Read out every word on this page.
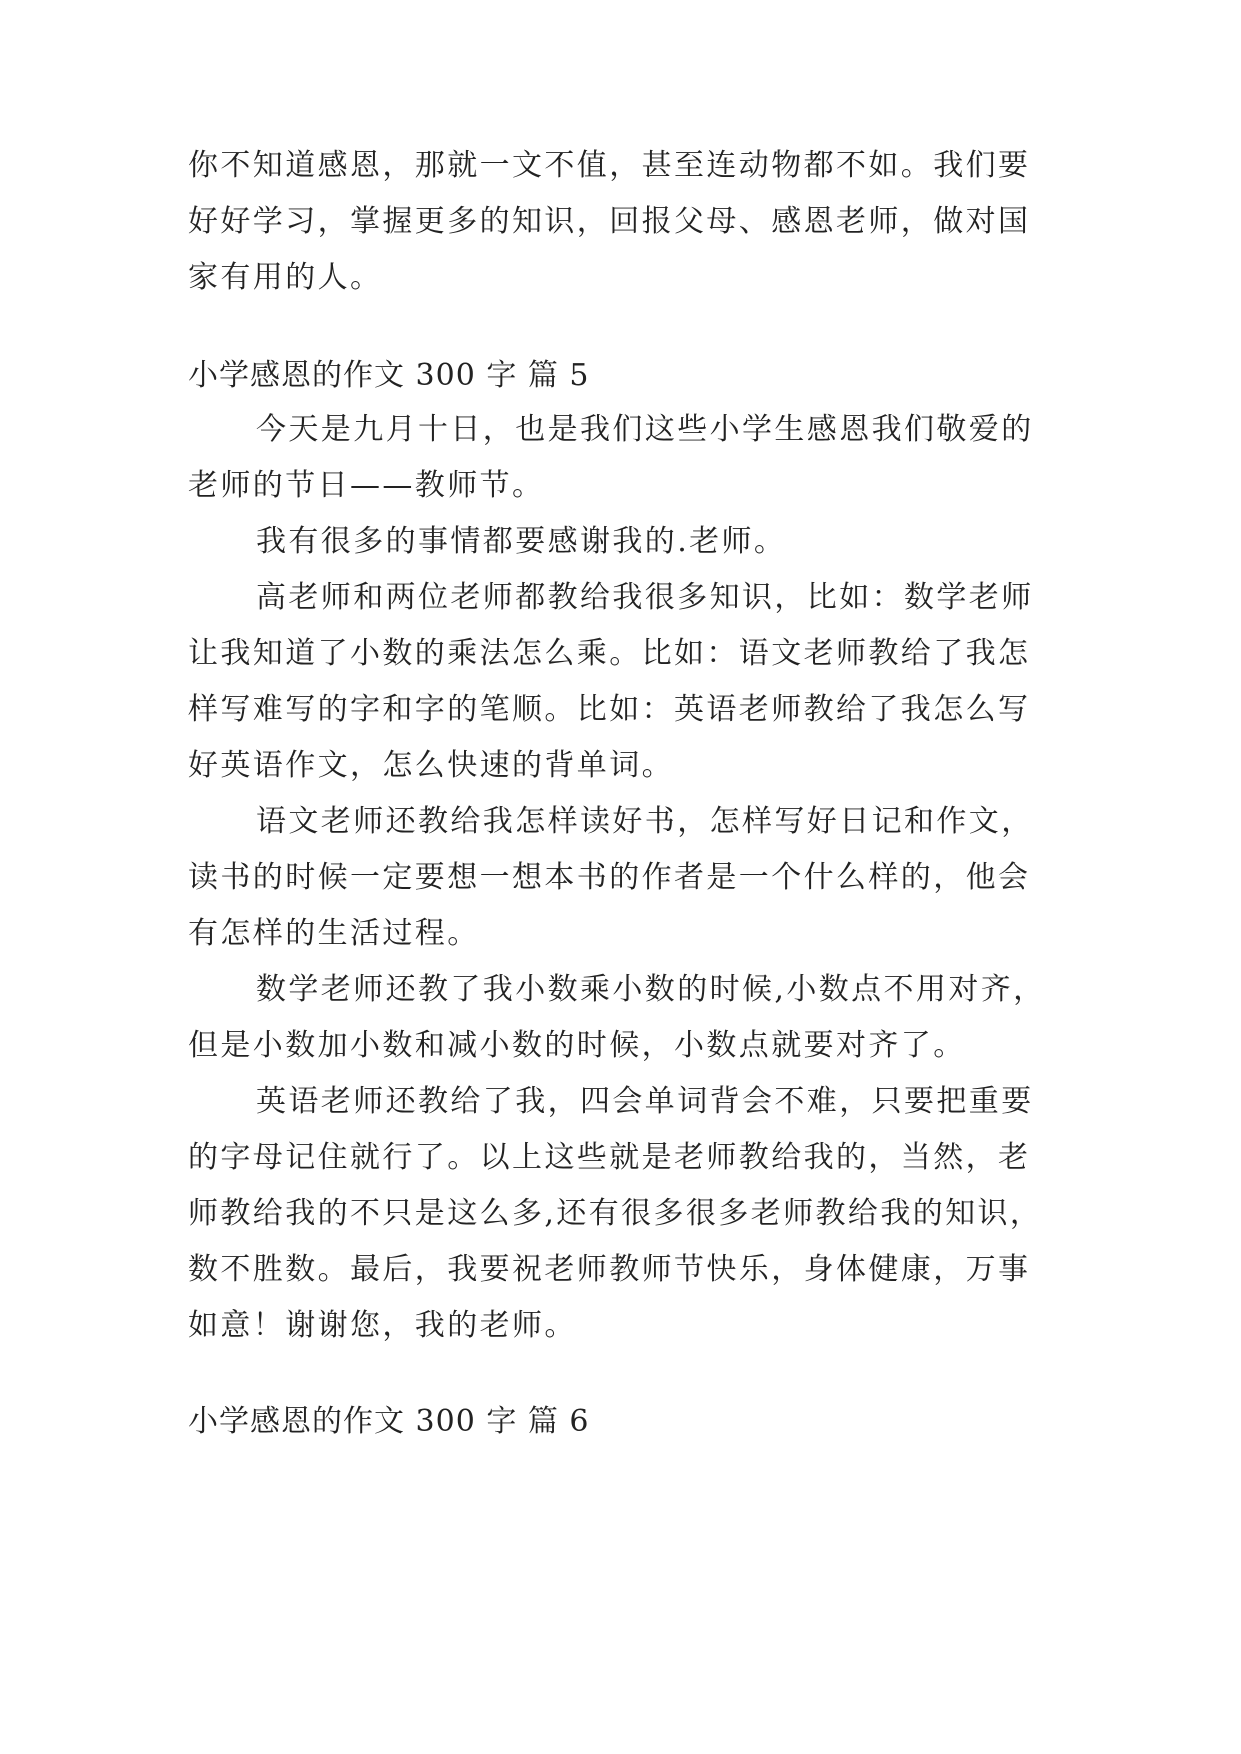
你不知道感恩，那就一文不值，甚至连动物都不如。我们要

好好学习，掌握更多的知识，回报父母、感恩老师，做对国

家有用的人。

小学感恩的作文 300 字 篇 5

今天是九月十日，也是我们这些小学生感恩我们敬爱的

老师的节日——教师节。

我有很多的事情都要感谢我的.老师。

高老师和两位老师都教给我很多知识，比如：数学老师

让我知道了小数的乘法怎么乘。比如：语文老师教给了我怎

样写难写的字和字的笔顺。比如：英语老师教给了我怎么写

好英语作文，怎么快速的背单词。

语文老师还教给我怎样读好书，怎样写好日记和作文，

读书的时候一定要想一想本书的作者是一个什么样的，他会

有怎样的生活过程。

数学老师还教了我小数乘小数的时候,小数点不用对齐，

但是小数加小数和减小数的时候，小数点就要对齐了。

英语老师还教给了我，四会单词背会不难，只要把重要

的字母记住就行了。以上这些就是老师教给我的，当然，老

师教给我的不只是这么多,还有很多很多老师教给我的知识，

数不胜数。最后，我要祝老师教师节快乐，身体健康，万事

如意！谢谢您，我的老师。

小学感恩的作文 300 字 篇 6
